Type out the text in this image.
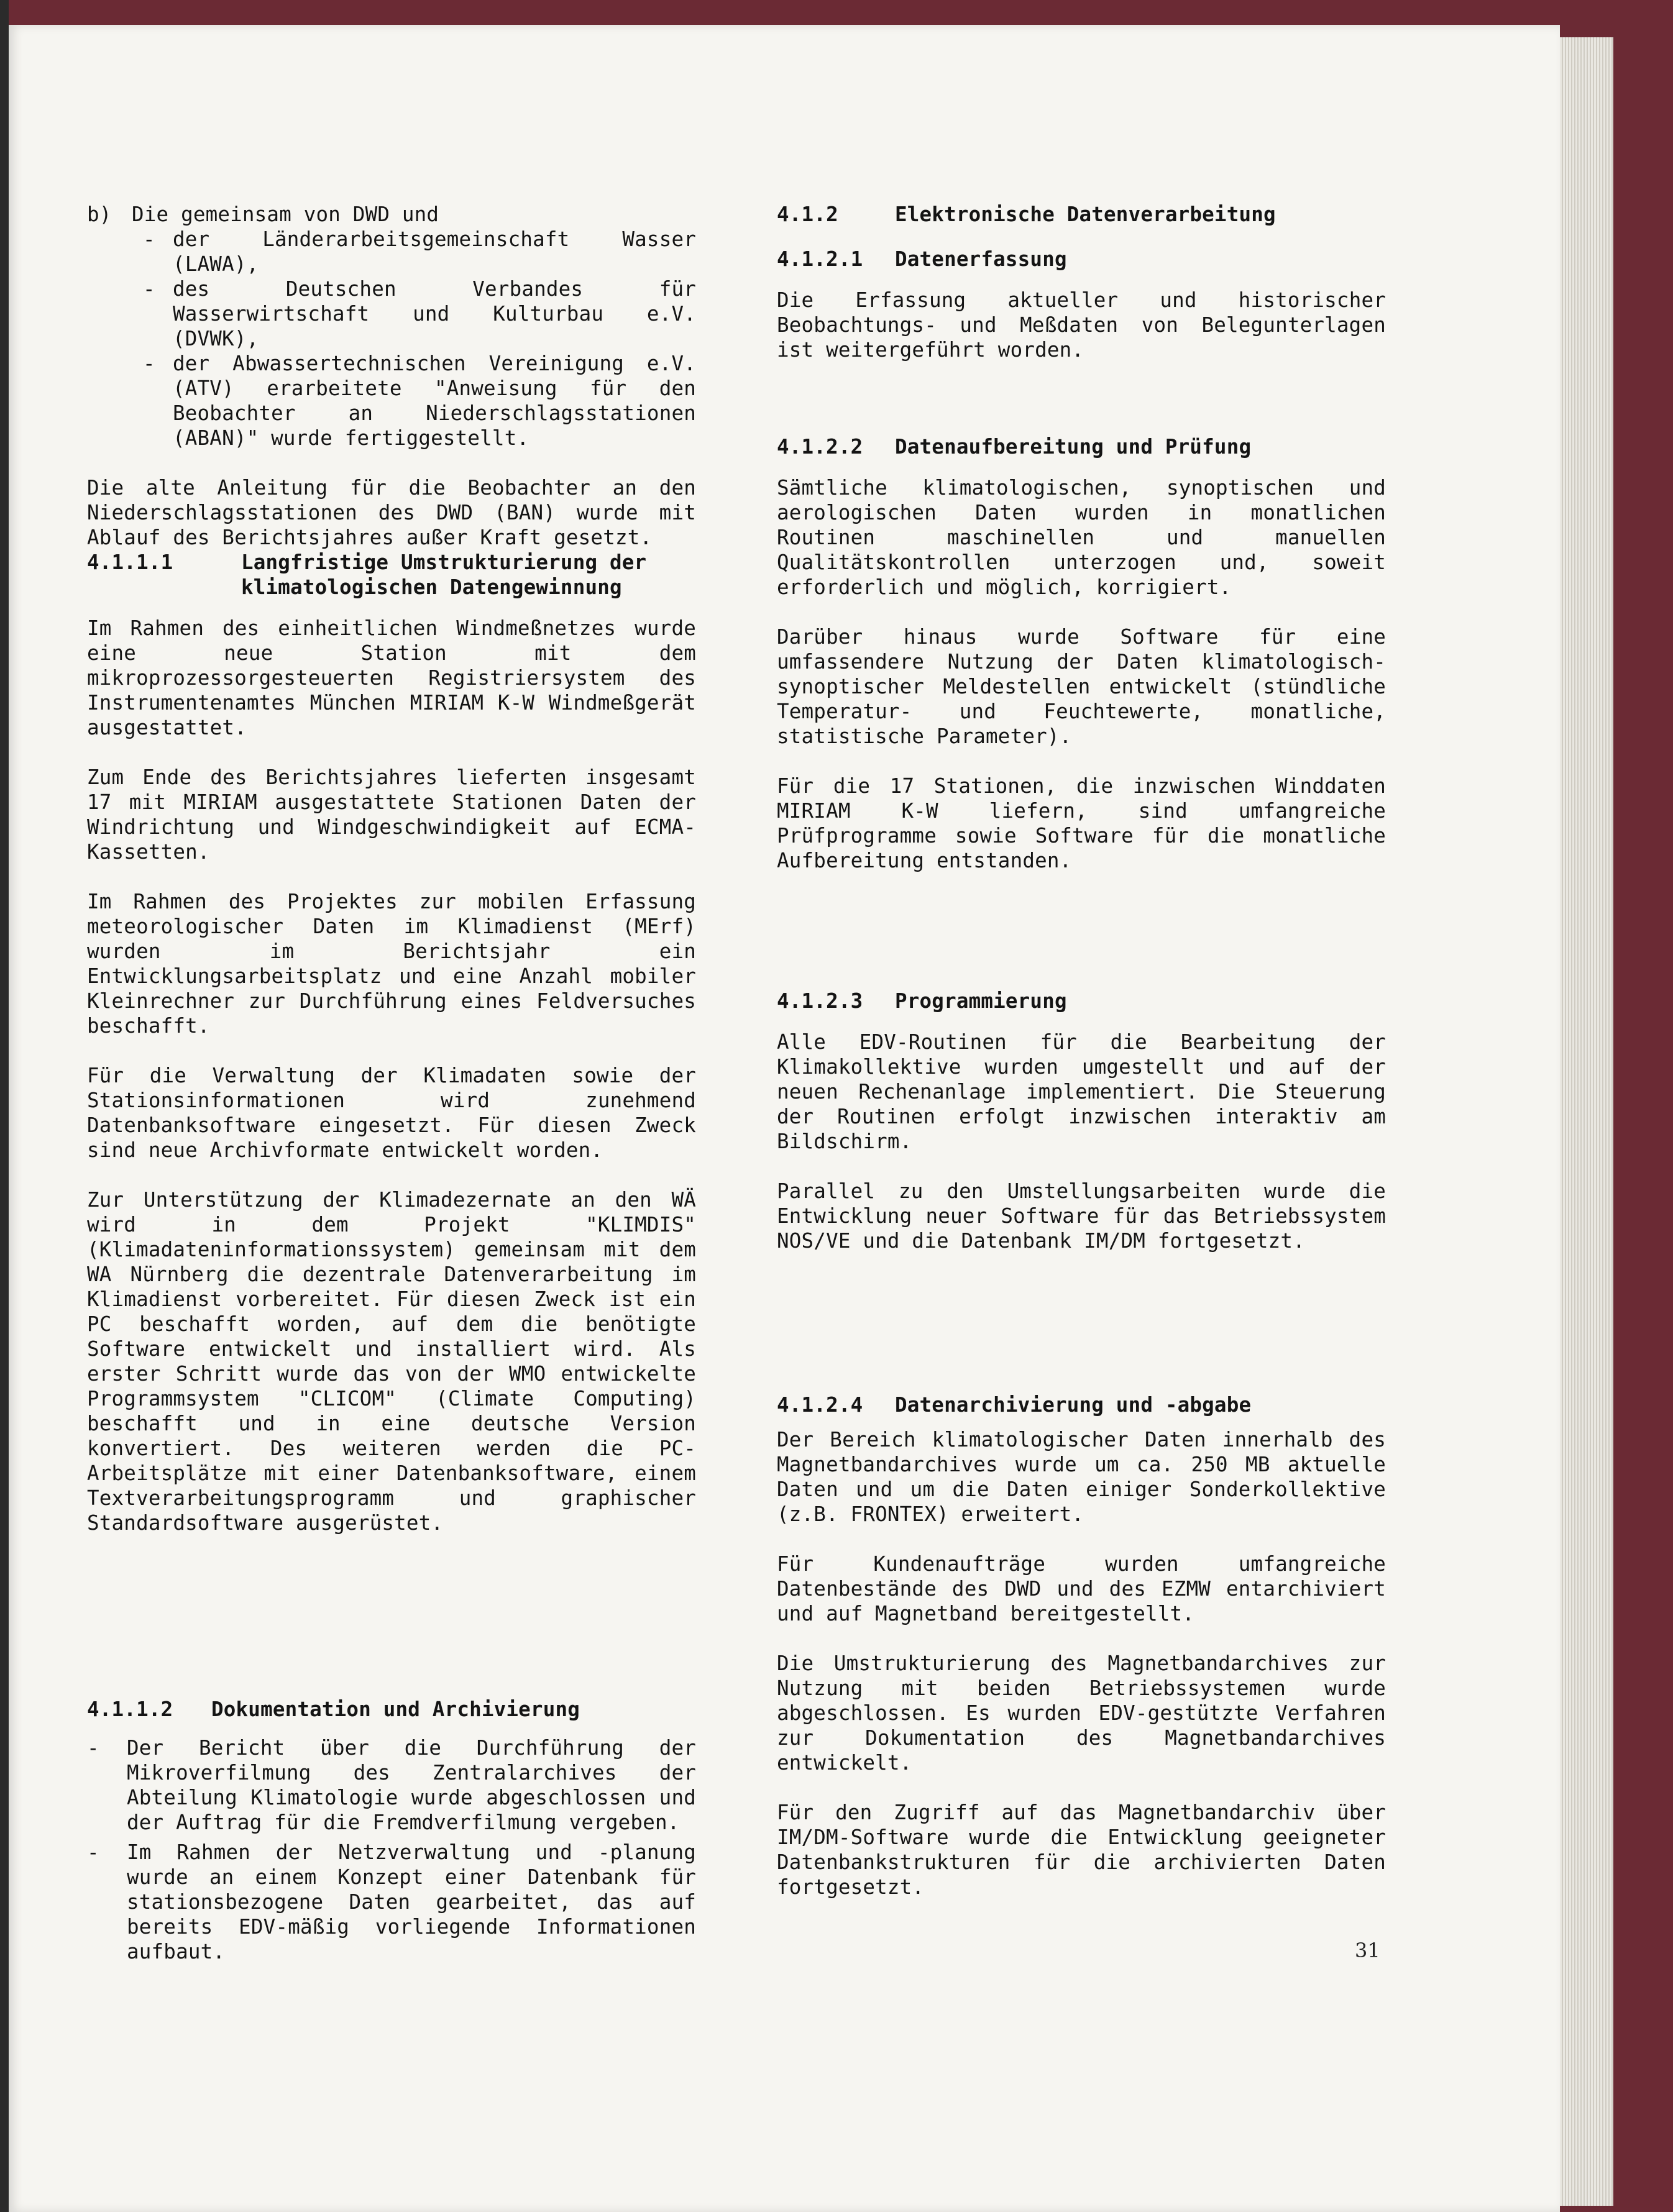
b) Die gemeinsam von DWD und
- der Länderarbeitsgemeinschaft Wasser (LAWA),
- des Deutschen Verbandes für Wasserwirtschaft und Kulturbau e.V. (DVWK),
- der Abwassertechnischen Vereinigung e.V. (ATV) erarbeitete "Anweisung für den Beobachter an Niederschlagsstationen (ABAN)" wurde fertiggestellt.

Die alte Anleitung für die Beobachter an den Niederschlagsstationen des DWD (BAN) wurde mit Ablauf des Berichtsjahres außer Kraft gesetzt.

4.1.1.1	Langfristige Umstrukturierung der klimatologischen Datengewinnung

Im Rahmen des einheitlichen Windmeßnetzes wurde eine neue Station mit dem mikroprozessorgesteuerten Registriersystem des Instrumentenamtes München MIRIAM K-W Windmeßgerät ausgestattet.

Zum Ende des Berichtsjahres lieferten insgesamt 17 mit MIRIAM ausgestattete Stationen Daten der Windrichtung und Windgeschwindigkeit auf ECMA-Kassetten.

Im Rahmen des Projektes zur mobilen Erfassung meteorologischer Daten im Klimadienst (MErf) wurden im Berichtsjahr ein Entwicklungsarbeitsplatz und eine Anzahl mobiler Kleinrechner zur Durchführung eines Feldversuches beschafft.

Für die Verwaltung der Klimadaten sowie der Stationsinformationen wird zunehmend Datenbanksoftware eingesetzt. Für diesen Zweck sind neue Archivformate entwickelt worden.

Zur Unterstützung der Klimadezernate an den WÄ wird in dem Projekt "KLIMDIS" (Klimadateninformationssystem) gemeinsam mit dem WA Nürnberg die dezentrale Datenverarbeitung im Klimadienst vorbereitet. Für diesen Zweck ist ein PC beschafft worden, auf dem die benötigte Software entwickelt und installiert wird. Als erster Schritt wurde das von der WMO entwickelte Programmsystem "CLICOM" (Climate Computing) beschafft und in eine deutsche Version konvertiert. Des weiteren werden die PC-Arbeitsplätze mit einer Datenbanksoftware, einem Textverarbeitungsprogramm und graphischer Standardsoftware ausgerüstet.

4.1.1.2	Dokumentation und Archivierung
-	Der Bericht über die Durchführung der Mikroverfilmung des Zentralarchives der Abteilung Klimatologie wurde abgeschlossen und der Auftrag für die Fremdverfilmung vergeben.
-	Im Rahmen der Netzverwaltung und -planung wurde an einem Konzept einer Datenbank für stationsbezogene Daten gearbeitet, das auf bereits EDV-mäßig vorliegende Informationen aufbaut.
4.1.2	Elektronische Datenverarbeitung
4.1.2.1	Datenerfassung

Die Erfassung aktueller und historischer Beobachtungs- und Meßdaten von Belegunterlagen ist weitergeführt worden.

4.1.2.2	Datenaufbereitung und Prüfung

Sämtliche klimatologischen, synoptischen und aerologischen Daten wurden in monatlichen Routinen maschinellen und manuellen Qualitätskontrollen unterzogen und, soweit erforderlich und möglich, korrigiert.

Darüber hinaus wurde Software für eine umfassendere Nutzung der Daten klimatologisch-synoptischer Meldestellen entwickelt (stündliche Temperatur- und Feuchtewerte, monatliche, statistische Parameter).

Für die 17 Stationen, die inzwischen Winddaten MIRIAM K-W liefern, sind umfangreiche Prüfprogramme sowie Software für die monatliche Aufbereitung entstanden.

4.1.2.3	Programmierung

Alle EDV-Routinen für die Bearbeitung der Klimakollektive wurden umgestellt und auf der neuen Rechenanlage implementiert. Die Steuerung der Routinen erfolgt inzwischen interaktiv am Bildschirm.

Parallel zu den Umstellungsarbeiten wurde die Entwicklung neuer Software für das Betriebssystem NOS/VE und die Datenbank IM/DM fortgesetzt.

4.1.2.4	Datenarchivierung und -abgabe

Der Bereich klimatologischer Daten innerhalb des Magnetbandarchives wurde um ca. 250 MB aktuelle Daten und um die Daten einiger Sonderkollektive (z.B. FRONTEX) erweitert.

Für Kundenaufträge wurden umfangreiche Datenbestände des DWD und des EZMW entarchiviert und auf Magnetband bereitgestellt.

Die Umstrukturierung des Magnetbandarchives zur Nutzung mit beiden Betriebssystemen wurde abgeschlossen. Es wurden EDV-gestützte Verfahren zur Dokumentation des Magnetbandarchives entwickelt.

Für den Zugriff auf das Magnetbandarchiv über IM/DM-Software wurde die Entwicklung geeigneter Datenbankstrukturen für die archivierten Daten fortgesetzt.

31
